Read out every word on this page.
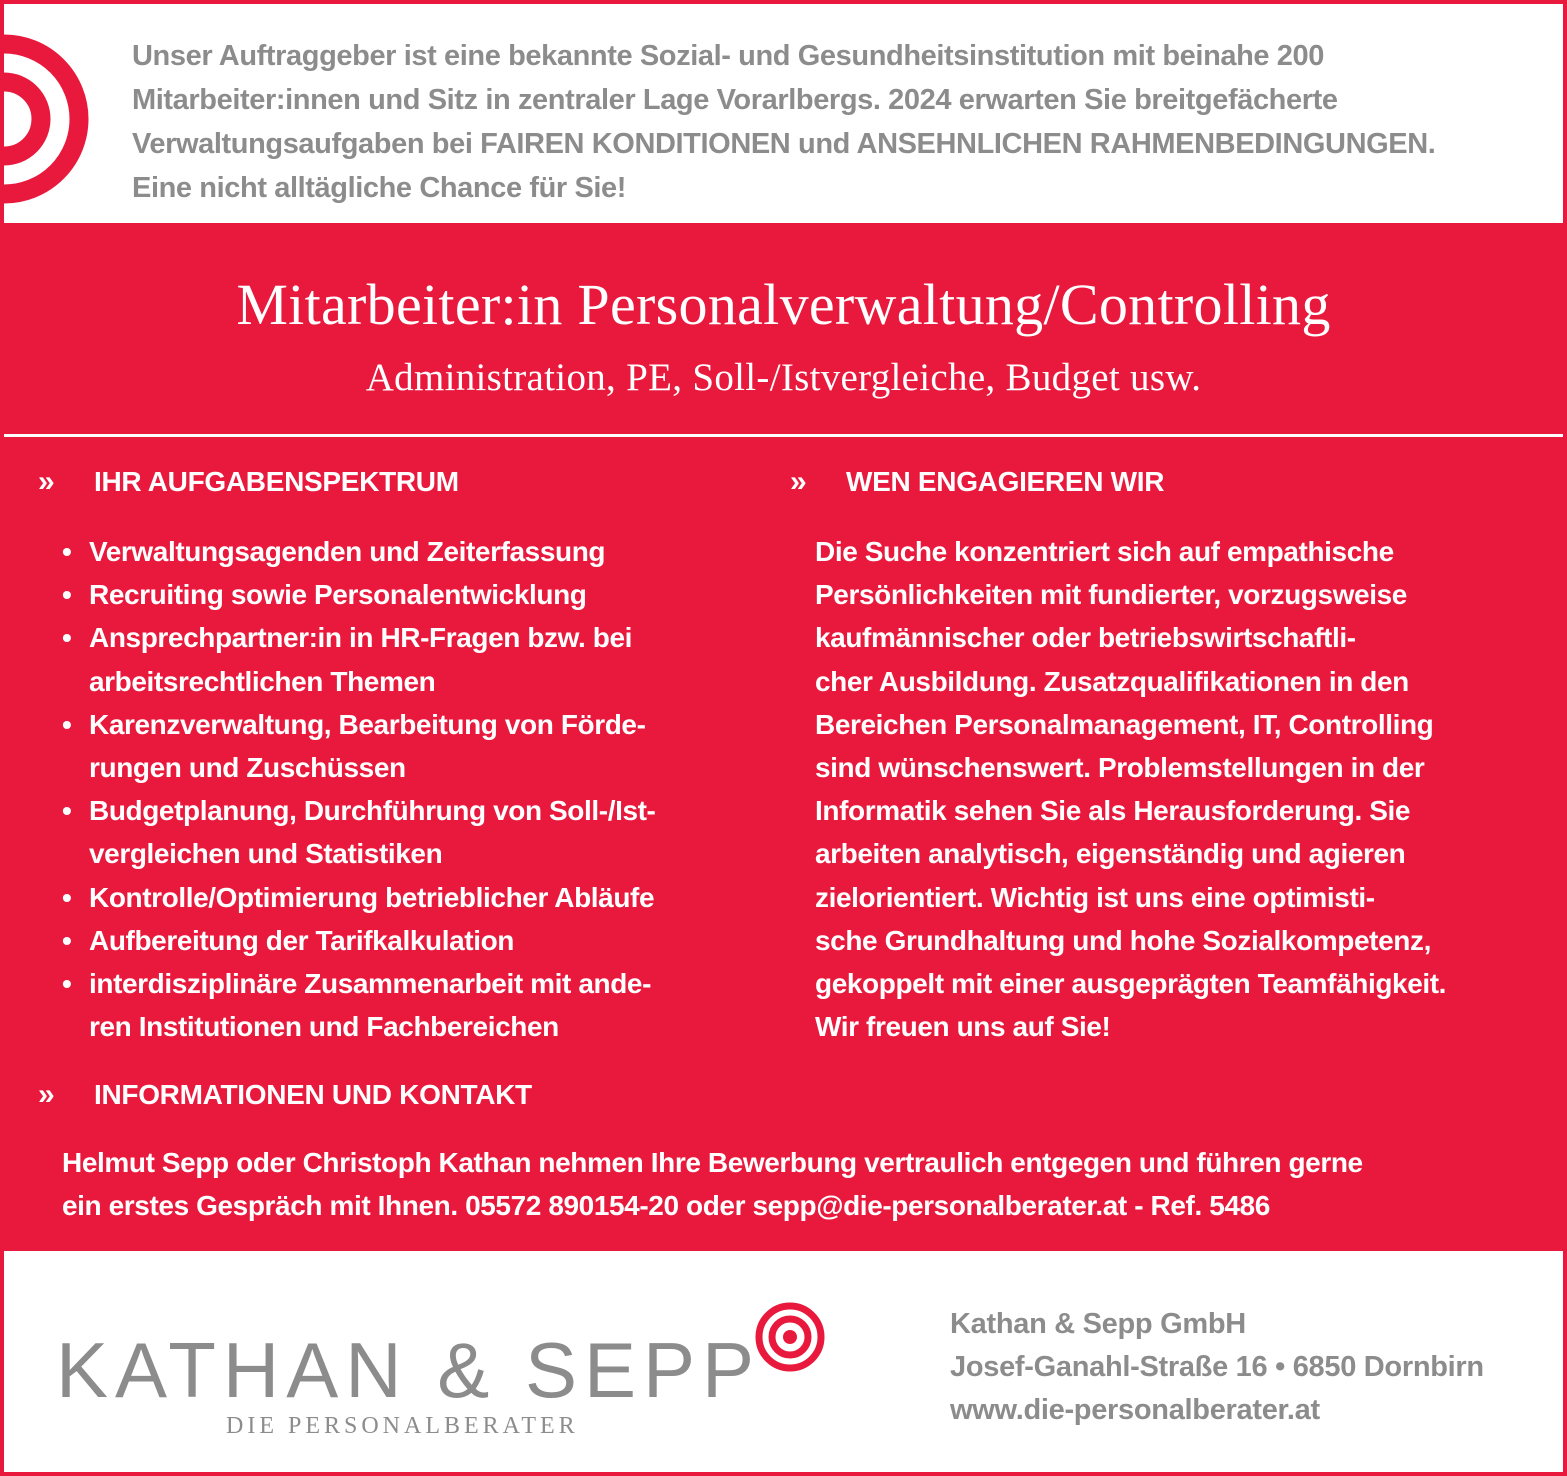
Unser Auftraggeber ist eine bekannte Sozial- und Gesundheitsinstitution mit beinahe 200
Mitarbeiter:innen und Sitz in zentraler Lage Vorarlbergs. 2024 erwarten Sie breitgefächerte
Verwaltungsaufgaben bei FAIREN KONDITIONEN und ANSEHNLICHEN RAHMENBEDINGUNGEN.
Eine nicht alltägliche Chance für Sie!
Mitarbeiter:in Personalverwaltung/Controlling
Administration, PE, Soll-/Istvergleiche, Budget usw.
» IHR AUFGABENSPEKTRUM	» WEN ENGAGIEREN WIR
• Verwaltungsagenden und Zeiterfassung
• Recruiting sowie Personalentwicklung
• Ansprechpartner:in in HR-Fragen bzw. bei
arbeitsrechtlichen Themen
• Karenzverwaltung, Bearbeitung von Förde-
rungen und Zuschüssen
• Budgetplanung, Durchführung von Soll-/Ist-
vergleichen und Statistiken
• Kontrolle/Optimierung betrieblicher Abläufe
• Aufbereitung der Tarifkalkulation
• interdisziplinäre Zusammenarbeit mit ande-
ren Institutionen und Fachbereichen
Die Suche konzentriert sich auf empathische
Persönlichkeiten mit fundierter, vorzugsweise
kaufmännischer oder betriebswirtschaftli-
cher Ausbildung. Zusatzqualifikationen in den
Bereichen Personalmanagement, IT, Controlling
sind wünschenswert. Problemstellungen in der
Informatik sehen Sie als Herausforderung. Sie
arbeiten analytisch, eigenständig und agieren
zielorientiert. Wichtig ist uns eine optimisti-
sche Grundhaltung und hohe Sozialkompetenz,
gekoppelt mit einer ausgeprägten Teamfähigkeit.
Wir freuen uns auf Sie!
» INFORMATIONEN UND KONTAKT
Helmut Sepp oder Christoph Kathan nehmen Ihre Bewerbung vertraulich entgegen und führen gerne
ein erstes Gespräch mit Ihnen. 05572 890154-20 oder sepp@die-personalberater.at - Ref. 5486
KATHAN & SEPP
DIE PERSONALBERATER
Kathan & Sepp GmbH
Josef-Ganahl-Straße 16 • 6850 Dornbirn
www.die-personalberater.at
